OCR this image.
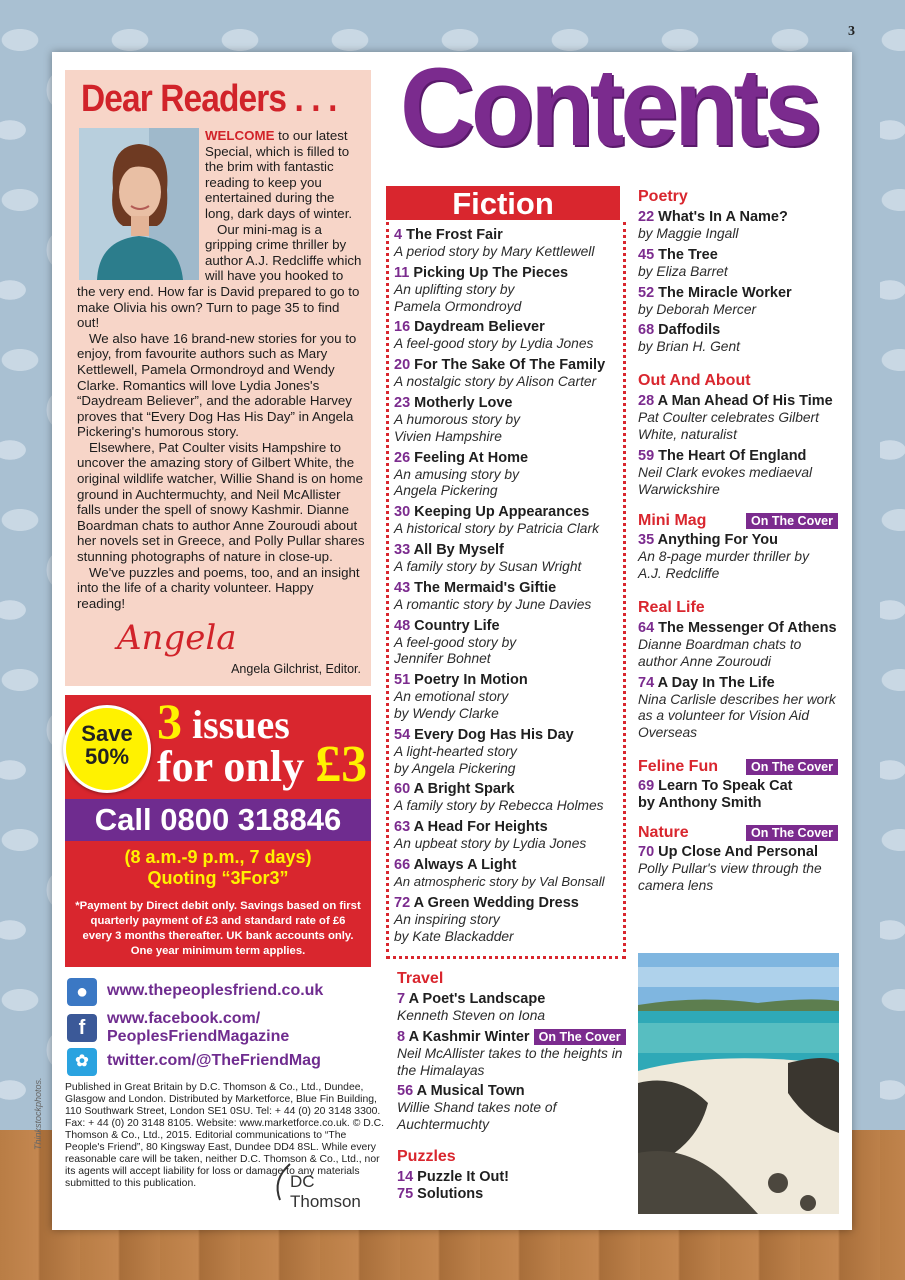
3
Dear Readers . . .

WELCOME to our latest Special, which is filled to the brim with fantastic reading to keep you entertained during the long, dark days of winter.

Our mini-mag is a gripping crime thriller by author A.J. Redcliffe which will have you hooked to the very end. How far is David prepared to go to make Olivia his own? Turn to page 35 to find out!

We also have 16 brand-new stories for you to enjoy, from favourite authors such as Mary Kettlewell, Pamela Ormondroyd and Wendy Clarke. Romantics will love Lydia Jones's “Daydream Believer”, and the adorable Harvey proves that “Every Dog Has His Day” in Angela Pickering's humorous story.

Elsewhere, Pat Coulter visits Hampshire to uncover the amazing story of Gilbert White, the original wildlife watcher, Willie Shand is on home ground in Auchtermuchty, and Neil McAllister falls under the spell of snowy Kashmir. Dianne Boardman chats to author Anne Zouroudi about her novels set in Greece, and Polly Pullar shares stunning photographs of nature in close-up.

We've puzzles and poems, too, and an insight into the life of a charity volunteer. Happy reading!

Angela
Angela Gilchrist, Editor.
Save
50%
3 issues
for only £3
Call 0800 318846
(8 a.m.-9 p.m., 7 days)
Quoting “3For3”
*Payment by Direct debit only. Savings based on first quarterly payment of £3 and standard rate of £6 every 3 months thereafter. UK bank accounts only. One year minimum term applies.
●	www.thepeoplesfriend.co.uk
f	www.facebook.com/
PeoplesFriendMagazine
✿	twitter.com/@TheFriendMag
Published in Great Britain by D.C. Thomson & Co., Ltd., Dundee, Glasgow and London. Distributed by Marketforce, Blue Fin Building, 110 Southwark Street, London SE1 0SU. Tel: + 44 (0) 20 3148 3300. Fax: + 44 (0) 20 3148 8105. Website: www.marketforce.co.uk. © D.C. Thomson & Co., Ltd., 2015. Editorial communications to “The People's Friend”, 80 Kingsway East, Dundee DD4 8SL. While every reasonable care will be taken, neither D.C. Thomson & Co., Ltd., nor its agents will accept liability for loss or damage to any materials submitted to this publication.	DC Thomson
Thinkstockphotos.
Contents
Fiction
4 The Frost Fair
A period story by Mary Kettlewell
11 Picking Up The Pieces
An uplifting story by Pamela Ormondroyd
16 Daydream Believer
A feel-good story by Lydia Jones
20 For The Sake Of The Family
A nostalgic story by Alison Carter
23 Motherly Love
A humorous story by Vivien Hampshire
26 Feeling At Home
An amusing story by Angela Pickering
30 Keeping Up Appearances
A historical story by Patricia Clark
33 All By Myself
A family story by Susan Wright
43 The Mermaid's Giftie
A romantic story by June Davies
48 Country Life
A feel-good story by Jennifer Bohnet
51 Poetry In Motion
An emotional story by Wendy Clarke
54 Every Dog Has His Day
A light-hearted story by Angela Pickering
60 A Bright Spark
A family story by Rebecca Holmes
63 A Head For Heights
An upbeat story by Lydia Jones
66 Always A Light
An atmospheric story by Val Bonsall
72 A Green Wedding Dress
An inspiring story by Kate Blackadder
Travel
7 A Poet's Landscape
Kenneth Steven on Iona
8 A Kashmir Winter On The Cover
Neil McAllister takes to the heights in the Himalayas
56 A Musical Town
Willie Shand takes note of Auchtermuchty
Puzzles
14 Puzzle It Out!
75 Solutions
Poetry
22 What's In A Name?
by Maggie Ingall
45 The Tree
by Eliza Barret
52 The Miracle Worker
by Deborah Mercer
68 Daffodils
by Brian H. Gent
Out And About
28 A Man Ahead Of His Time
Pat Coulter celebrates Gilbert White, naturalist
59 The Heart Of England
Neil Clark evokes mediaeval Warwickshire
Mini Mag	On The Cover
35 Anything For You
An 8-page murder thriller by A.J. Redcliffe
Real Life
64 The Messenger Of Athens
Dianne Boardman chats to author Anne Zouroudi
74 A Day In The Life
Nina Carlisle describes her work as a volunteer for Vision Aid Overseas
Feline Fun	On The Cover
69 Learn To Speak Cat by Anthony Smith
Nature	On The Cover
70 Up Close And Personal
Polly Pullar's view through the camera lens
